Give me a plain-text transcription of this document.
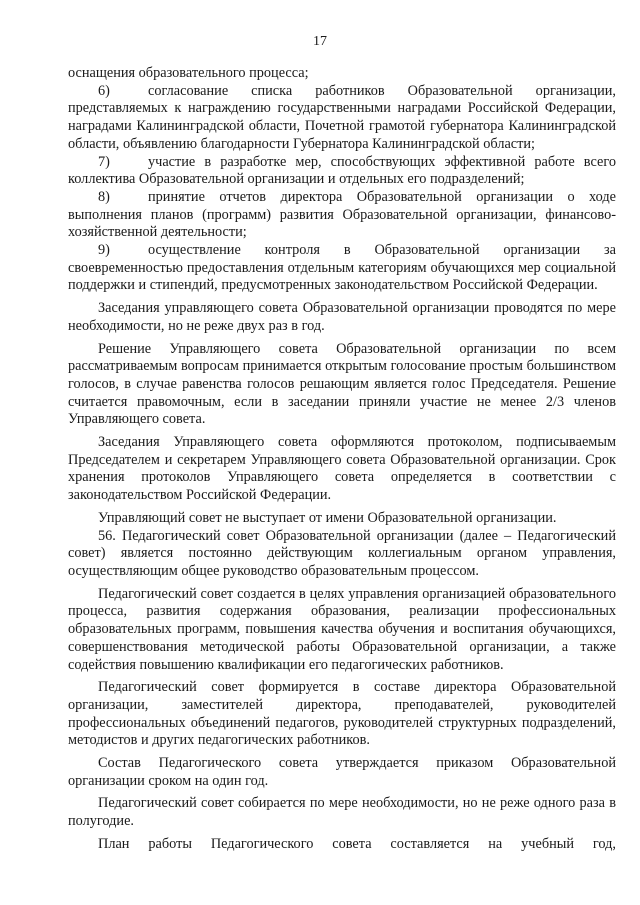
17

оснащения образовательного процесса;

6)	согласование списка работников Образовательной организации, представляемых к награждению государственными наградами Российской Федерации, наградами Калининградской области, Почетной грамотой губернатора Калининградской области, объявлению благодарности Губернатора Калининградской области;

7)	участие в разработке мер, способствующих эффективной работе всего коллектива Образовательной организации и отдельных его подразделений;

8)	принятие отчетов директора Образовательной организации о ходе выполнения планов (программ) развития Образовательной организации, финансово-хозяйственной деятельности;

9)	осуществление контроля в Образовательной организации за своевременностью предоставления отдельным категориям обучающихся мер социальной поддержки и стипендий, предусмотренных законодательством Российской Федерации.

Заседания управляющего совета Образовательной организации проводятся по мере необходимости, но не реже двух раз в год.

Решение Управляющего совета Образовательной организации по всем рассматриваемым вопросам принимается открытым голосование простым большинством голосов, в случае равенства голосов решающим является голос Председателя. Решение считается правомочным, если в заседании приняли участие не менее 2/3 членов Управляющего совета.

Заседания Управляющего совета оформляются протоколом, подписываемым Председателем и секретарем Управляющего совета Образовательной организации. Срок хранения протоколов Управляющего совета определяется в соответствии с законодательством Российской Федерации.

Управляющий совет не выступает от имени Образовательной организации.

56. Педагогический совет Образовательной организации (далее – Педагогический совет) является постоянно действующим коллегиальным органом управления, осуществляющим общее руководство образовательным процессом.

Педагогический совет создается в целях управления организацией образовательного процесса, развития содержания образования, реализации профессиональных образовательных программ, повышения качества обучения и воспитания обучающихся, совершенствования методической работы Образовательной организации, а также содействия повышению квалификации его педагогических работников.

Педагогический совет формируется в составе директора Образовательной организации, заместителей директора, преподавателей, руководителей профессиональных объединений педагогов, руководителей структурных подразделений, методистов и других педагогических работников.

Состав Педагогического совета утверждается приказом Образовательной организации сроком на один год.

Педагогический совет собирается по мере необходимости, но не реже одного раза в полугодие.

План работы Педагогического совета составляется на учебный год,
